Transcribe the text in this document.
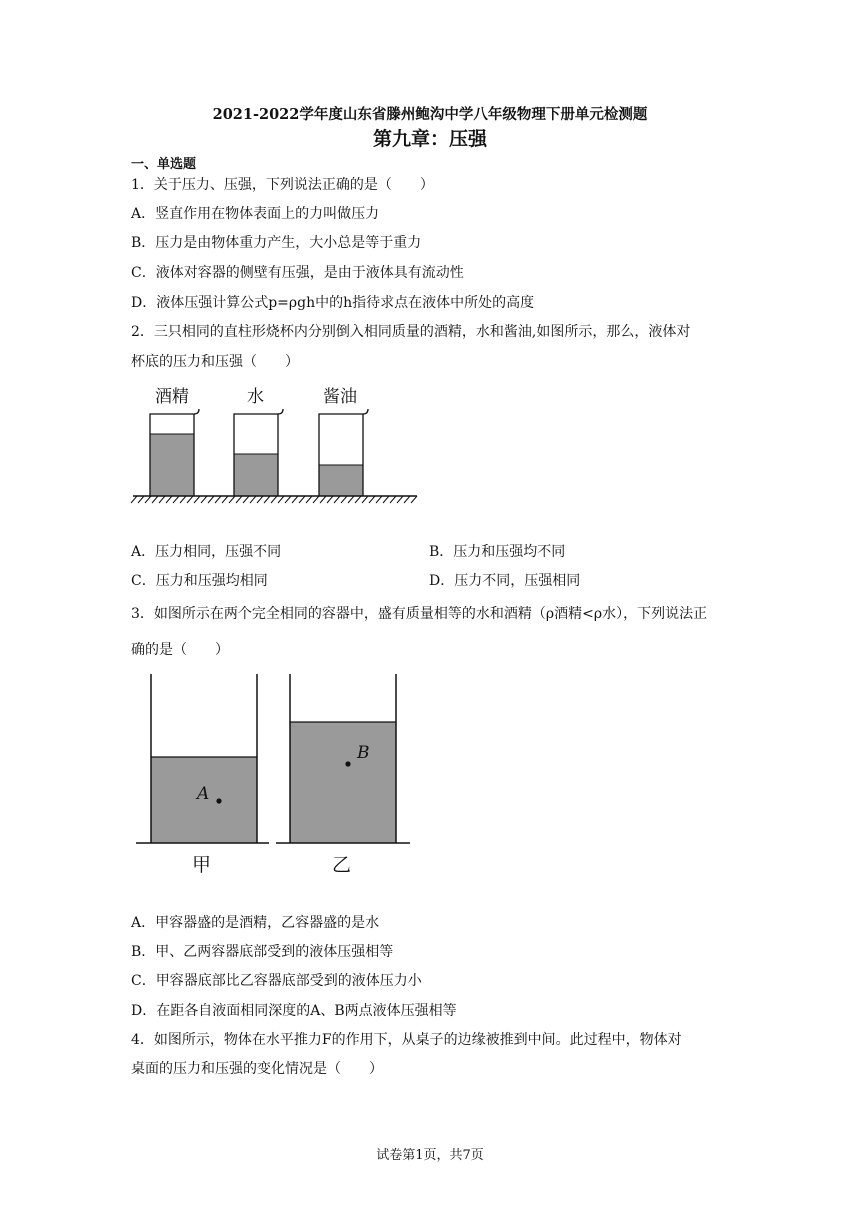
2021-2022学年度山东省滕州鲍沟中学八年级物理下册单元检测题
第九章：压强
一、单选题
1．关于压力、压强，下列说法正确的是（　　）
A．竖直作用在物体表面上的力叫做压力
B．压力是由物体重力产生，大小总是等于重力
C．液体对容器的侧壁有压强，是由于液体具有流动性
D．液体压强计算公式p=ρgh中的h指待求点在液体中所处的高度
2．三只相同的直柱形烧杯内分别倒入相同质量的酒精，水和酱油,如图所示，那么，液体对
杯底的压力和压强（　　）
酒精	水	酱油
A．压力相同，压强不同	B．压力和压强均不同
C．压力和压强均相同	D．压力不同，压强相同
3．如图所示在两个完全相同的容器中，盛有质量相等的水和酒精（ρ酒精<ρ水），下列说法正
确的是（　　）
A
甲
B
乙
A．甲容器盛的是酒精，乙容器盛的是水
B．甲、乙两容器底部受到的液体压强相等
C．甲容器底部比乙容器底部受到的液体压力小
D．在距各自液面相同深度的A、B两点液体压强相等
4．如图所示，物体在水平推力F的作用下，从桌子的边缘被推到中间。此过程中，物体对
桌面的压力和压强的变化情况是（　　）
试卷第1页，共7页
